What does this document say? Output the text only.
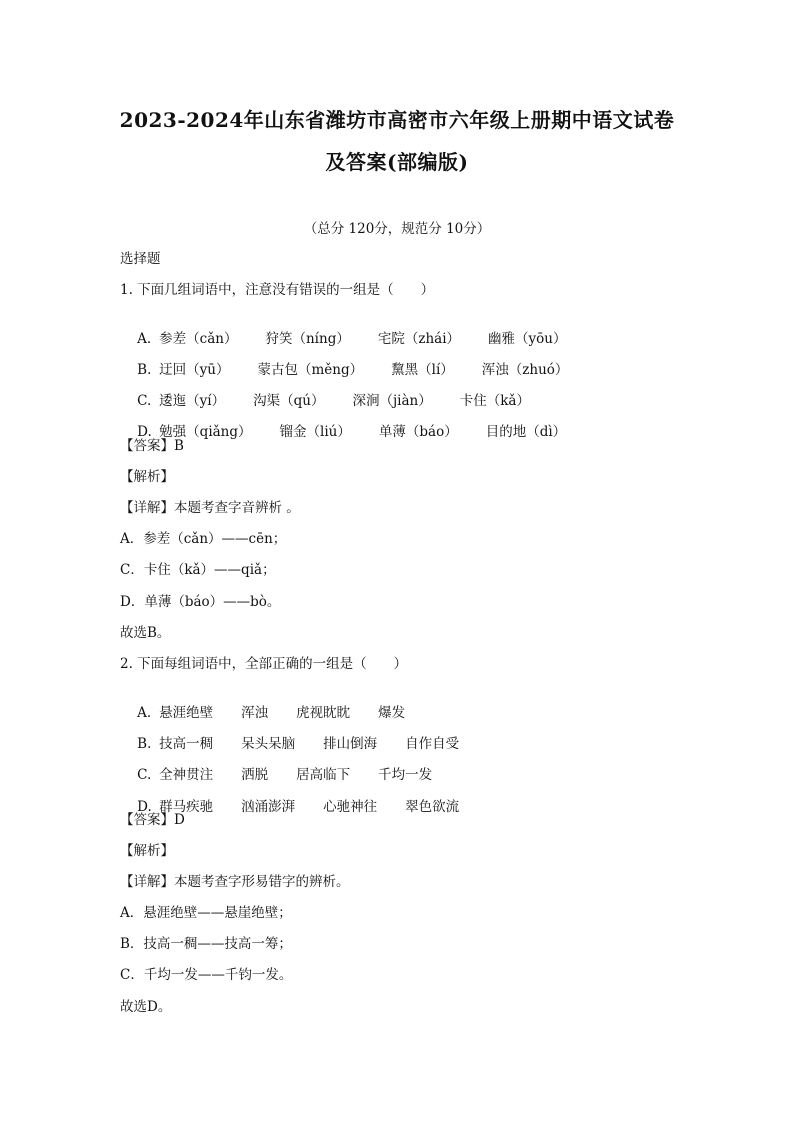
2023-2024年山东省潍坊市高密市六年级上册期中语文试卷
及答案(部编版)
（总分 120分，规范分 10分）
选择题
1. 下面几组词语中，注意没有错误的一组是（　　）

A. 参差（cǎn） 狩笑（níng） 宅院（zhái） 幽雅（yōu）

B. 迂回（yū） 蒙古包（měng） 黧黑（lí） 浑浊（zhuó）

C. 逶迤（yí） 沟渠（qú） 深涧（jiàn） 卡住（kǎ）

D. 勉强（qiǎng） 镏金（liú） 单薄（báo） 目的地（dì）

【答案】B
【解析】
【详解】本题考查字音辨析 。
A．参差（cǎn）——cēn；
C．卡住（kǎ）——qiǎ；
D．单薄（báo）——bò。
故选B。
2. 下面每组词语中，全部正确的一组是（　　）

A. 悬涯绝壁 浑浊 虎视眈眈 爆发

B. 技高一稠 呆头呆脑 排山倒海 自作自受

C. 全神贯注 洒脱 居高临下 千均一发

D. 群马疾驰 汹涌澎湃 心驰神往 翠色欲流

【答案】D
【解析】
【详解】本题考查字形易错字的辨析。
A．悬涯绝壁——悬崖绝壁；
B．技高一稠——技高一筹；
C．千均一发——千钧一发。
故选D。
